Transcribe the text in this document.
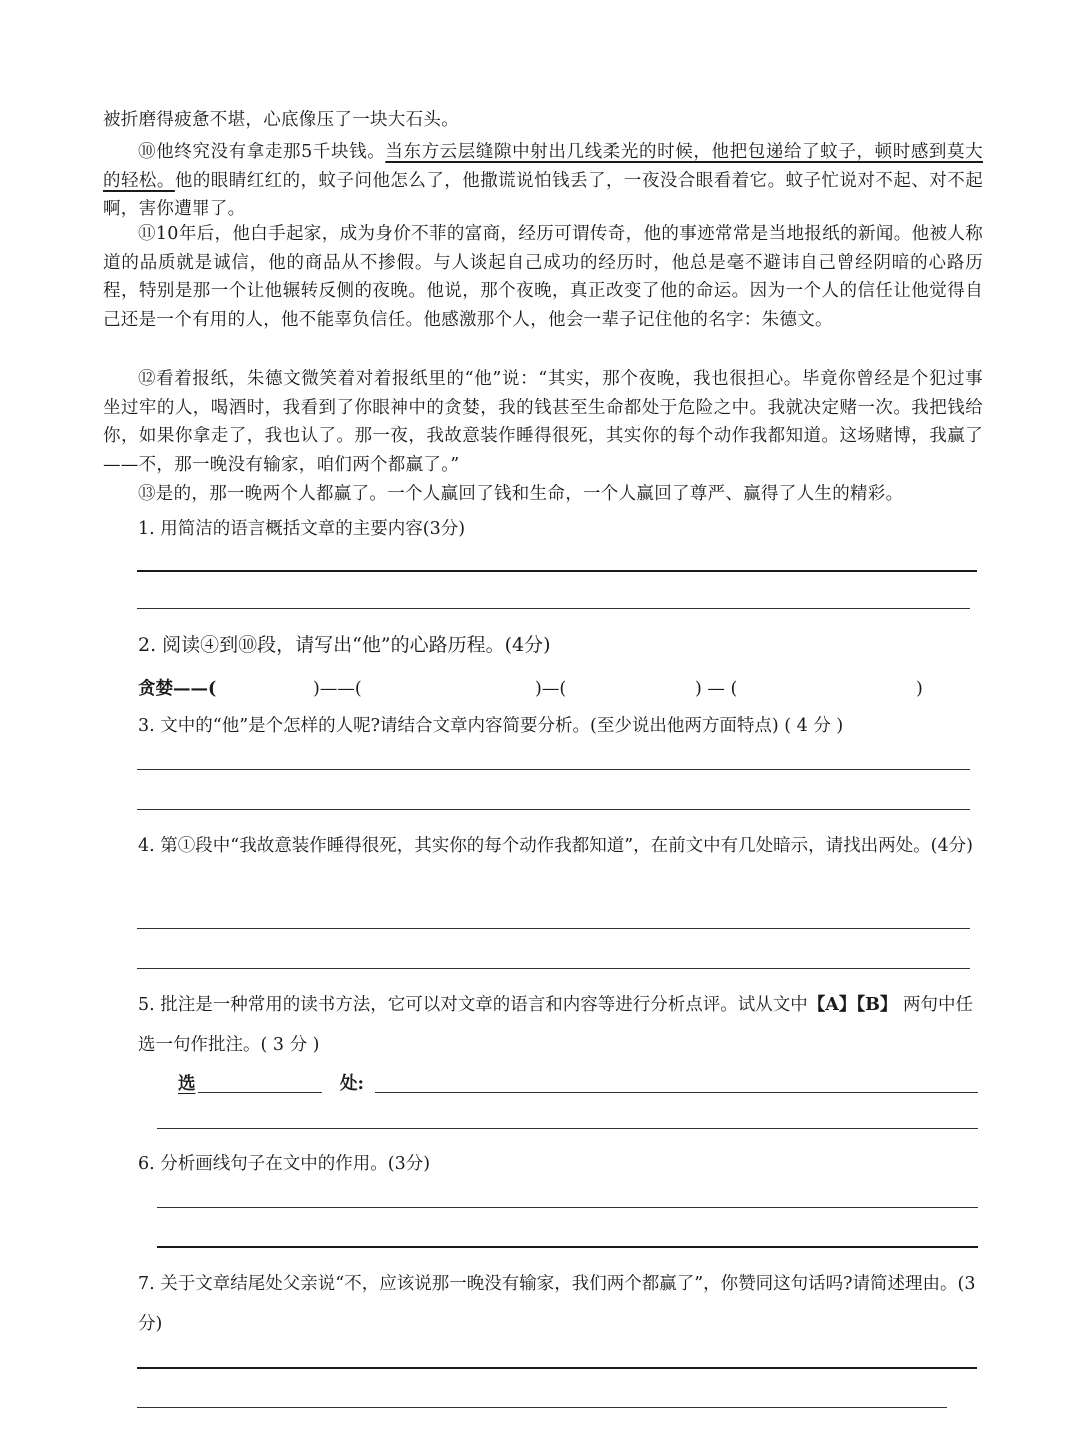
被折磨得疲惫不堪，心底像压了一块大石头。

⑩他终究没有拿走那5千块钱。当东方云层缝隙中射出几线柔光的时候，他把包递给了蚊子，顿时感到莫大的轻松。他的眼睛红红的，蚊子问他怎么了，他撒谎说怕钱丢了，一夜没合眼看着它。蚊子忙说对不起、对不起啊，害你遭罪了。

⑪10年后，他白手起家，成为身价不菲的富商，经历可谓传奇，他的事迹常常是当地报纸的新闻。他被人称道的品质就是诚信，他的商品从不掺假。与人谈起自己成功的经历时，他总是毫不避讳自己曾经阴暗的心路历程，特别是那一个让他辗转反侧的夜晚。他说，那个夜晚，真正改变了他的命运。因为一个人的信任让他觉得自己还是一个有用的人，他不能辜负信任。他感激那个人，他会一辈子记住他的名字：朱德文。

⑫看着报纸，朱德文微笑着对着报纸里的“他”说：“其实，那个夜晚，我也很担心。毕竟你曾经是个犯过事坐过牢的人，喝酒时，我看到了你眼神中的贪婪，我的钱甚至生命都处于危险之中。我就决定赌一次。我把钱给你，如果你拿走了，我也认了。那一夜，我故意装作睡得很死，其实你的每个动作我都知道。这场赌博，我赢了——不，那一晚没有输家，咱们两个都赢了。”

⑬是的，那一晚两个人都赢了。一个人赢回了钱和生命，一个人赢回了尊严、赢得了人生的精彩。

1. 用简洁的语言概括文章的主要内容(3分)

2. 阅读④到⑩段，请写出“他”的心路历程。(4分)

贪婪——(	)——(	)—(	) — (	)

3. 文中的“他”是个怎样的人呢?请结合文章内容简要分析。(至少说出他两方面特点) ( 4 分 )

4. 第①段中“我故意装作睡得很死，其实你的每个动作我都知道”，在前文中有几处暗示，请找出两处。(4分)

5. 批注是一种常用的读书方法，它可以对文章的语言和内容等进行分析点评。试从文中【A】【B】 两句中任选一句作批注。( 3 分 )

选	处:

6. 分析画线句子在文中的作用。(3分)

7. 关于文章结尾处父亲说“不，应该说那一晚没有输家，我们两个都赢了”，你赞同这句话吗?请简述理由。(3分)
